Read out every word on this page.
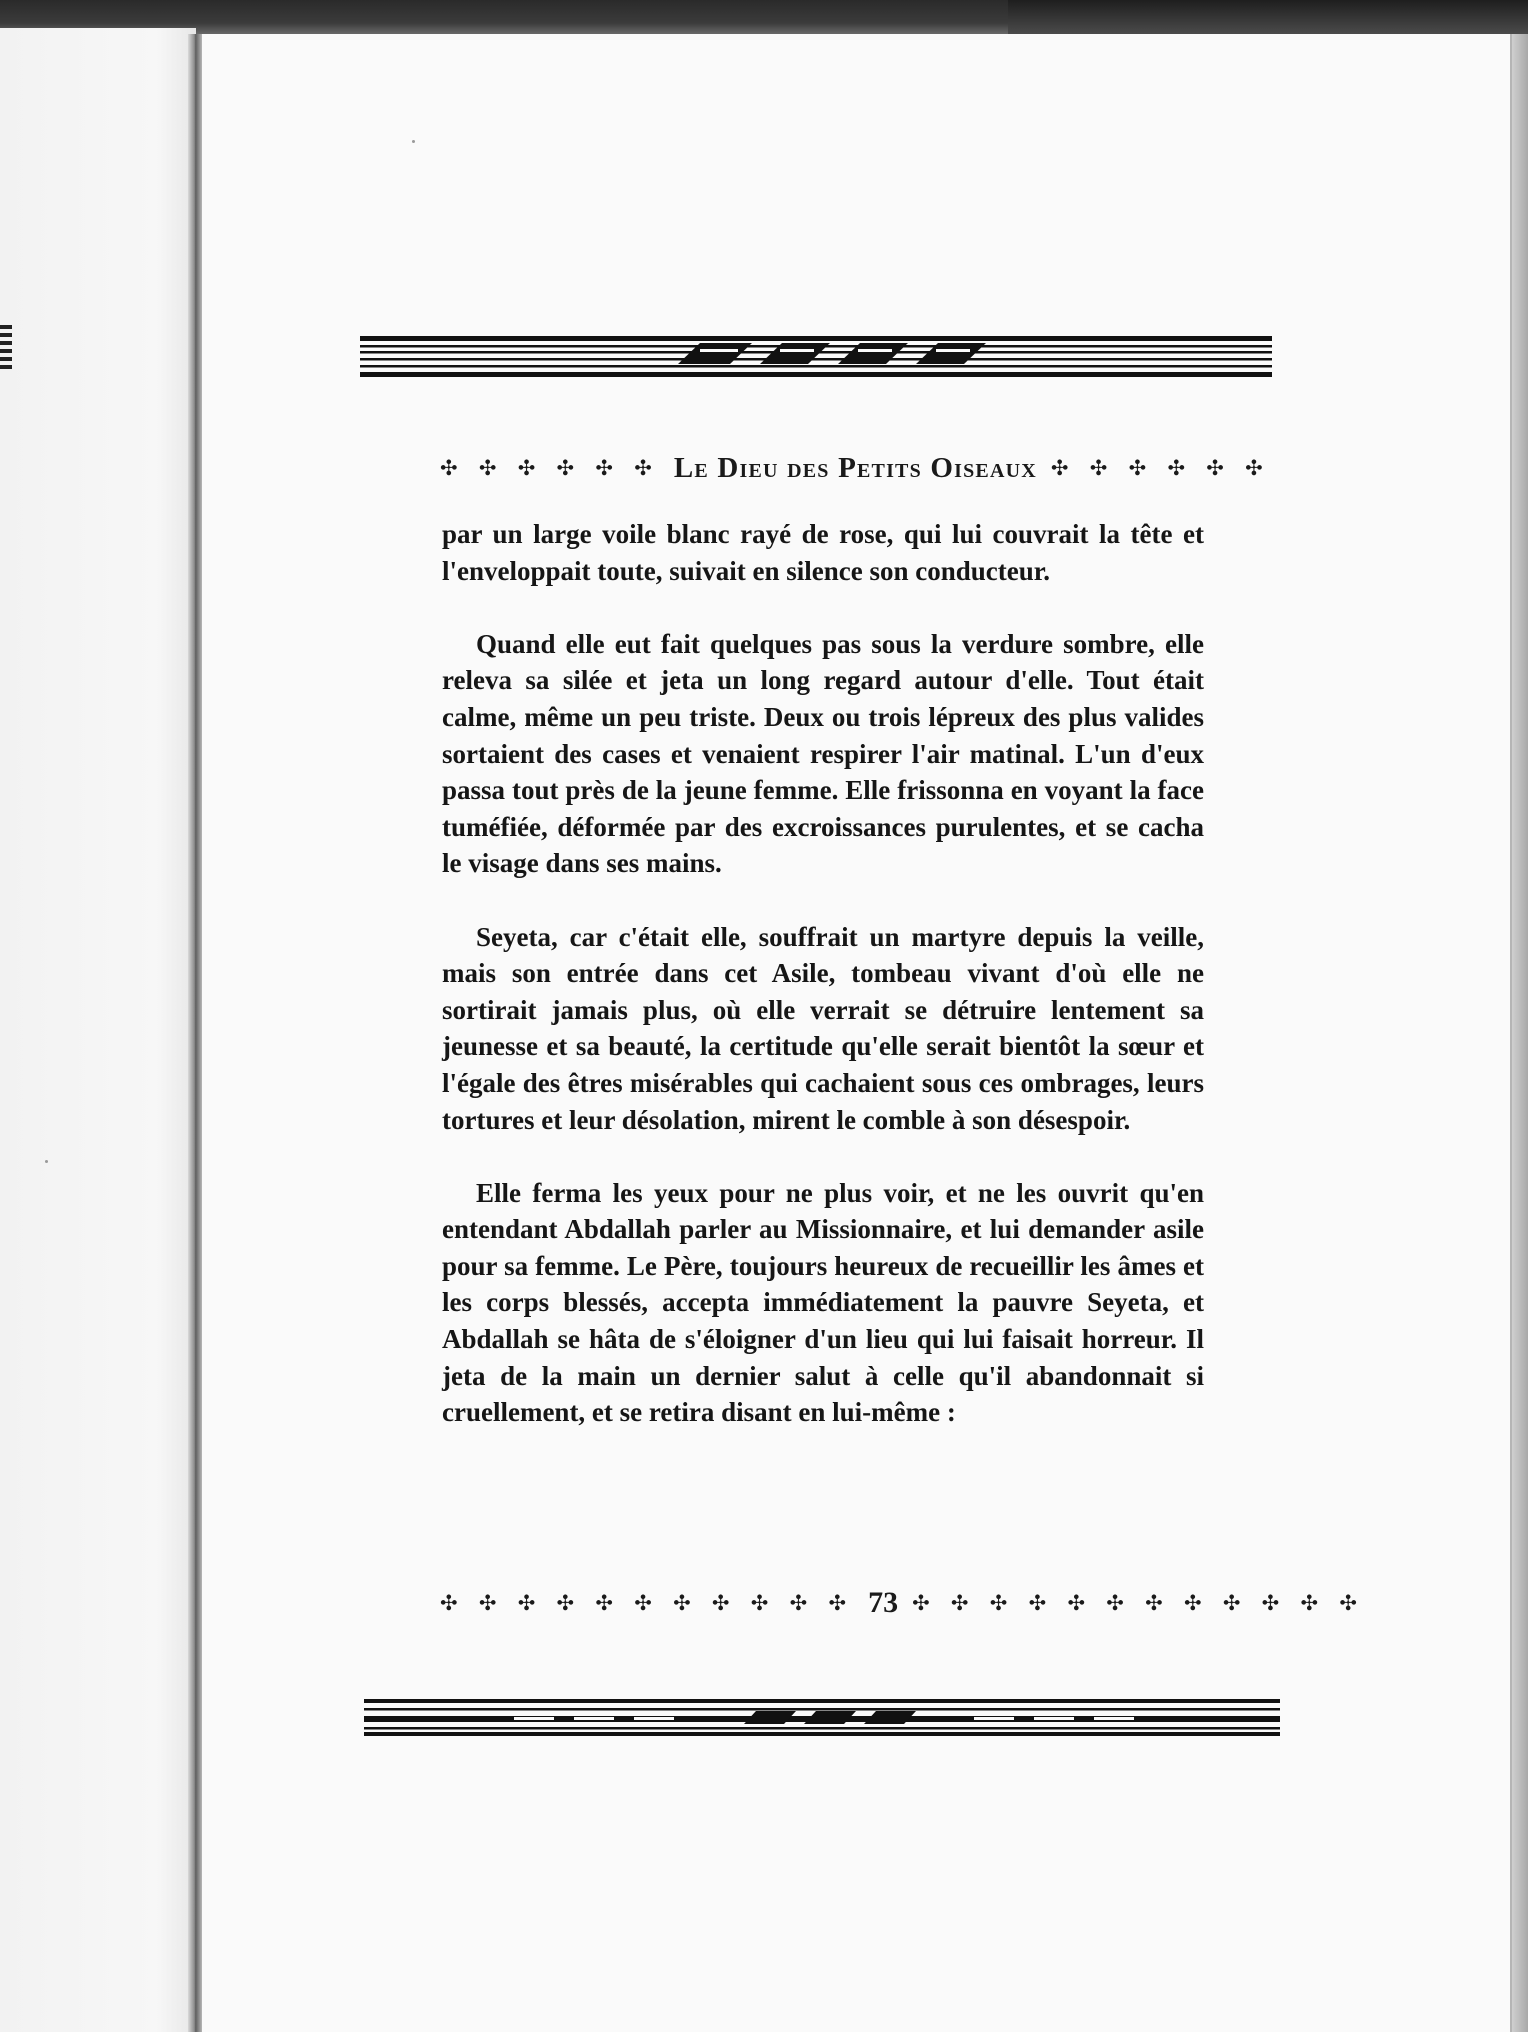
✣ ✣ ✣ ✣ ✣ ✣ Le Dieu des Petits Oiseaux ✣ ✣ ✣ ✣ ✣ ✣

par un large voile blanc rayé de rose, qui lui couvrait la tête et l'enveloppait toute, suivait en silence son conducteur.

Quand elle eut fait quelques pas sous la verdure sombre, elle releva sa silée et jeta un long regard autour d'elle. Tout était calme, même un peu triste. Deux ou trois lépreux des plus valides sortaient des cases et venaient respirer l'air matinal. L'un d'eux passa tout près de la jeune femme. Elle frissonna en voyant la face tuméfiée, déformée par des excroissances purulentes, et se cacha le visage dans ses mains.

Seyeta, car c'était elle, souffrait un martyre depuis la veille, mais son entrée dans cet Asile, tombeau vivant d'où elle ne sortirait jamais plus, où elle verrait se détruire lentement sa jeunesse et sa beauté, la certitude qu'elle serait bientôt la sœur et l'égale des êtres misérables qui cachaient sous ces ombrages, leurs tortures et leur désolation, mirent le comble à son désespoir.

Elle ferma les yeux pour ne plus voir, et ne les ouvrit qu'en entendant Abdallah parler au Missionnaire, et lui demander asile pour sa femme. Le Père, toujours heureux de recueillir les âmes et les corps blessés, accepta immédiatement la pauvre Seyeta, et Abdallah se hâta de s'éloigner d'un lieu qui lui faisait horreur. Il jeta de la main un dernier salut à celle qu'il abandonnait si cruellement, et se retira disant en lui-même :

✣ ✣ ✣ ✣ ✣ ✣ ✣ ✣ ✣ ✣ ✣ 73 ✣ ✣ ✣ ✣ ✣ ✣ ✣ ✣ ✣ ✣ ✣ ✣
